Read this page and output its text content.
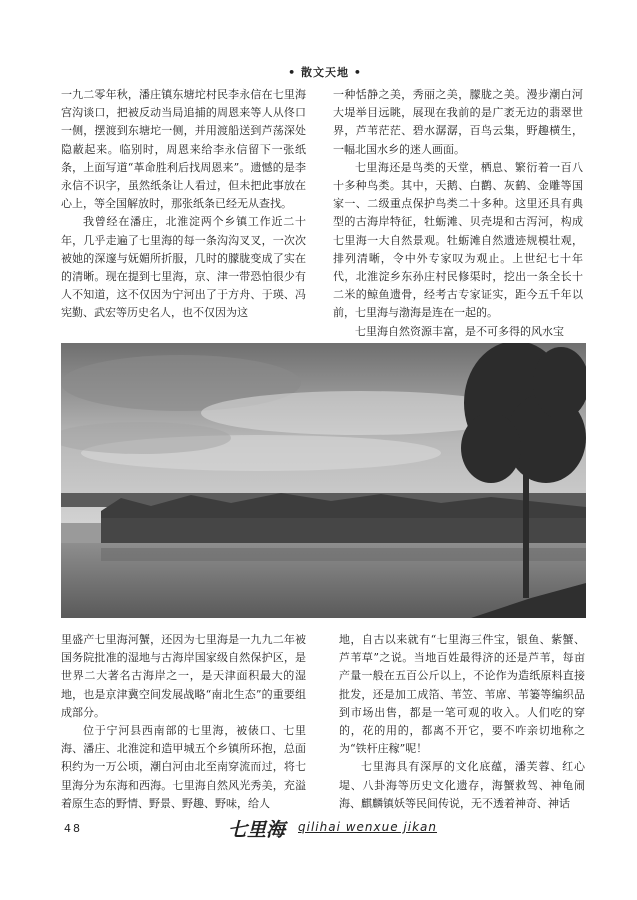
• 散文天地 •

一九二零年秋，潘庄镇东塘坨村民李永信在七里海宫沟谈口，把被反动当局追捕的周恩来等人从佟口一侧，摆渡到东塘坨一侧，并用渡船送到芦荡深处隐蔽起来。临别时，周恩来给李永信留下一张纸条，上面写道“革命胜利后找周恩来”。遗憾的是李永信不识字，虽然纸条让人看过，但未把此事放在心上，等全国解放时，那张纸条已经无从查找。

我曾经在潘庄，北淮淀两个乡镇工作近二十年，几乎走遍了七里海的每一条沟沟叉叉，一次次被她的深邃与妩媚所折服，几时的朦胧变成了实在的清晰。现在提到七里海，京、津一带恐怕很少有人不知道，这不仅因为宁河出了于方舟、于瑛、冯宪勤、武宏等历史名人，也不仅因为这

一种恬静之美，秀丽之美，朦胧之美。漫步潮白河大堤举目远眺，展现在我前的是广袤无边的翡翠世界，芦苇茫茫、碧水潺潺，百鸟云集，野趣横生，一幅北国水乡的迷人画面。

七里海还是鸟类的天堂，栖息、繁衍着一百八十多种鸟类。其中，天鹅、白鹳、灰鹤、金雕等国家一、二级重点保护鸟类二十多种。这里还具有典型的古海岸特征，牡蛎滩、贝壳堤和古泻河，构成七里海一大自然景观。牡蛎滩自然遗迹规模壮观，排列清晰，令中外专家叹为观止。上世纪七十年代，北淮淀乡东孙庄村民修渠时，挖出一条全长十二米的鲸鱼遗骨，经考古专家证实，距今五千年以前，七里海与渤海是连在一起的。

七里海自然资源丰富，是不可多得的风水宝

里盛产七里海河蟹，还因为七里海是一九九二年被国务院批准的湿地与古海岸国家级自然保护区，是世界二大著名古海岸之一，是天津面积最大的湿地，也是京津冀空间发展战略“南北生态”的重要组成部分。

位于宁河县西南部的七里海，被俵口、七里海、潘庄、北淮淀和造甲城五个乡镇所环抱，总面积约为一万公顷，潮白河由北至南穿流而过，将七里海分为东海和西海。七里海自然风光秀美，充溢着原生态的野情、野景、野趣、野味，给人

地，自古以来就有“七里海三件宝，银鱼、紫蟹、芦苇草”之说。当地百姓最得济的还是芦苇，每亩产量一般在五百公斤以上，不论作为造纸原料直接批发，还是加工成箔、苇笠、苇席、苇篓等编织品到市场出售，都是一笔可观的收入。人们吃的穿的，花的用的，都离不开它，要不咋亲切地称之为“铁杆庄稼”呢！

七里海具有深厚的文化底蕴，潘芙蓉、红心堤、八卦海等历史文化遗存，海蟹救驾、神龟闹海、麒麟镇妖等民间传说，无不透着神奇、神话

48	七里海 qilihai wenxue jikan
